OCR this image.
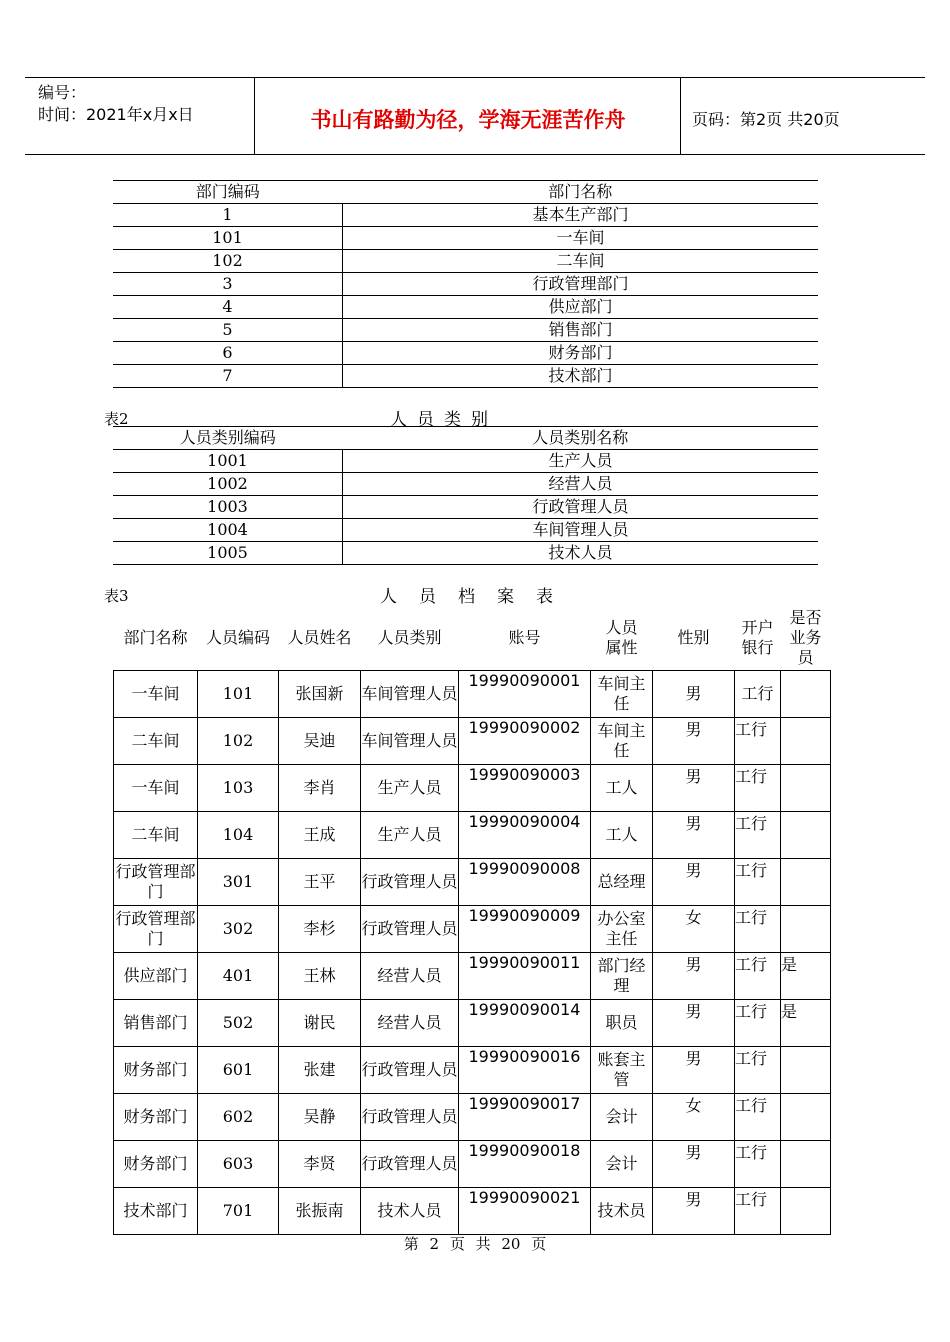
编号：
时间：2021年x月x日	书山有路勤为径，学海无涯苦作舟	页码：第2页 共20页
部门编码	部门名称
1	基本生产部门
101	一车间
102	二车间
3	行政管理部门
4	供应部门
5	销售部门
6	财务部门
7	技术部门
表2	人员类别
人员类别编码	人员类别名称
1001	生产人员
1002	经营人员
1003	行政管理人员
1004	车间管理人员
1005	技术人员
表3	人员档案表
部门名称	人员编码	人员姓名	人员类别	账号	人员属性	性别	开户银行	是否业务员
一车间	101	张国新	车间管理人员	19990090001	车间主任	男	工行	
二车间	102	吴迪	车间管理人员	19990090002	车间主任	男	工行	
一车间	103	李肖	生产人员	19990090003	工人	男	工行	
二车间	104	王成	生产人员	19990090004	工人	男	工行	
行政管理部门	301	王平	行政管理人员	19990090008	总经理	男	工行	
行政管理部门	302	李杉	行政管理人员	19990090009	办公室主任	女	工行	
供应部门	401	王林	经营人员	19990090011	部门经理	男	工行	是
销售部门	502	谢民	经营人员	19990090014	职员	男	工行	是
财务部门	601	张建	行政管理人员	19990090016	账套主管	男	工行	
财务部门	602	吴静	行政管理人员	19990090017	会计	女	工行	
财务部门	603	李贤	行政管理人员	19990090018	会计	男	工行	
技术部门	701	张振南	技术人员	19990090021	技术员	男	工行	
第 2 页 共 20 页
